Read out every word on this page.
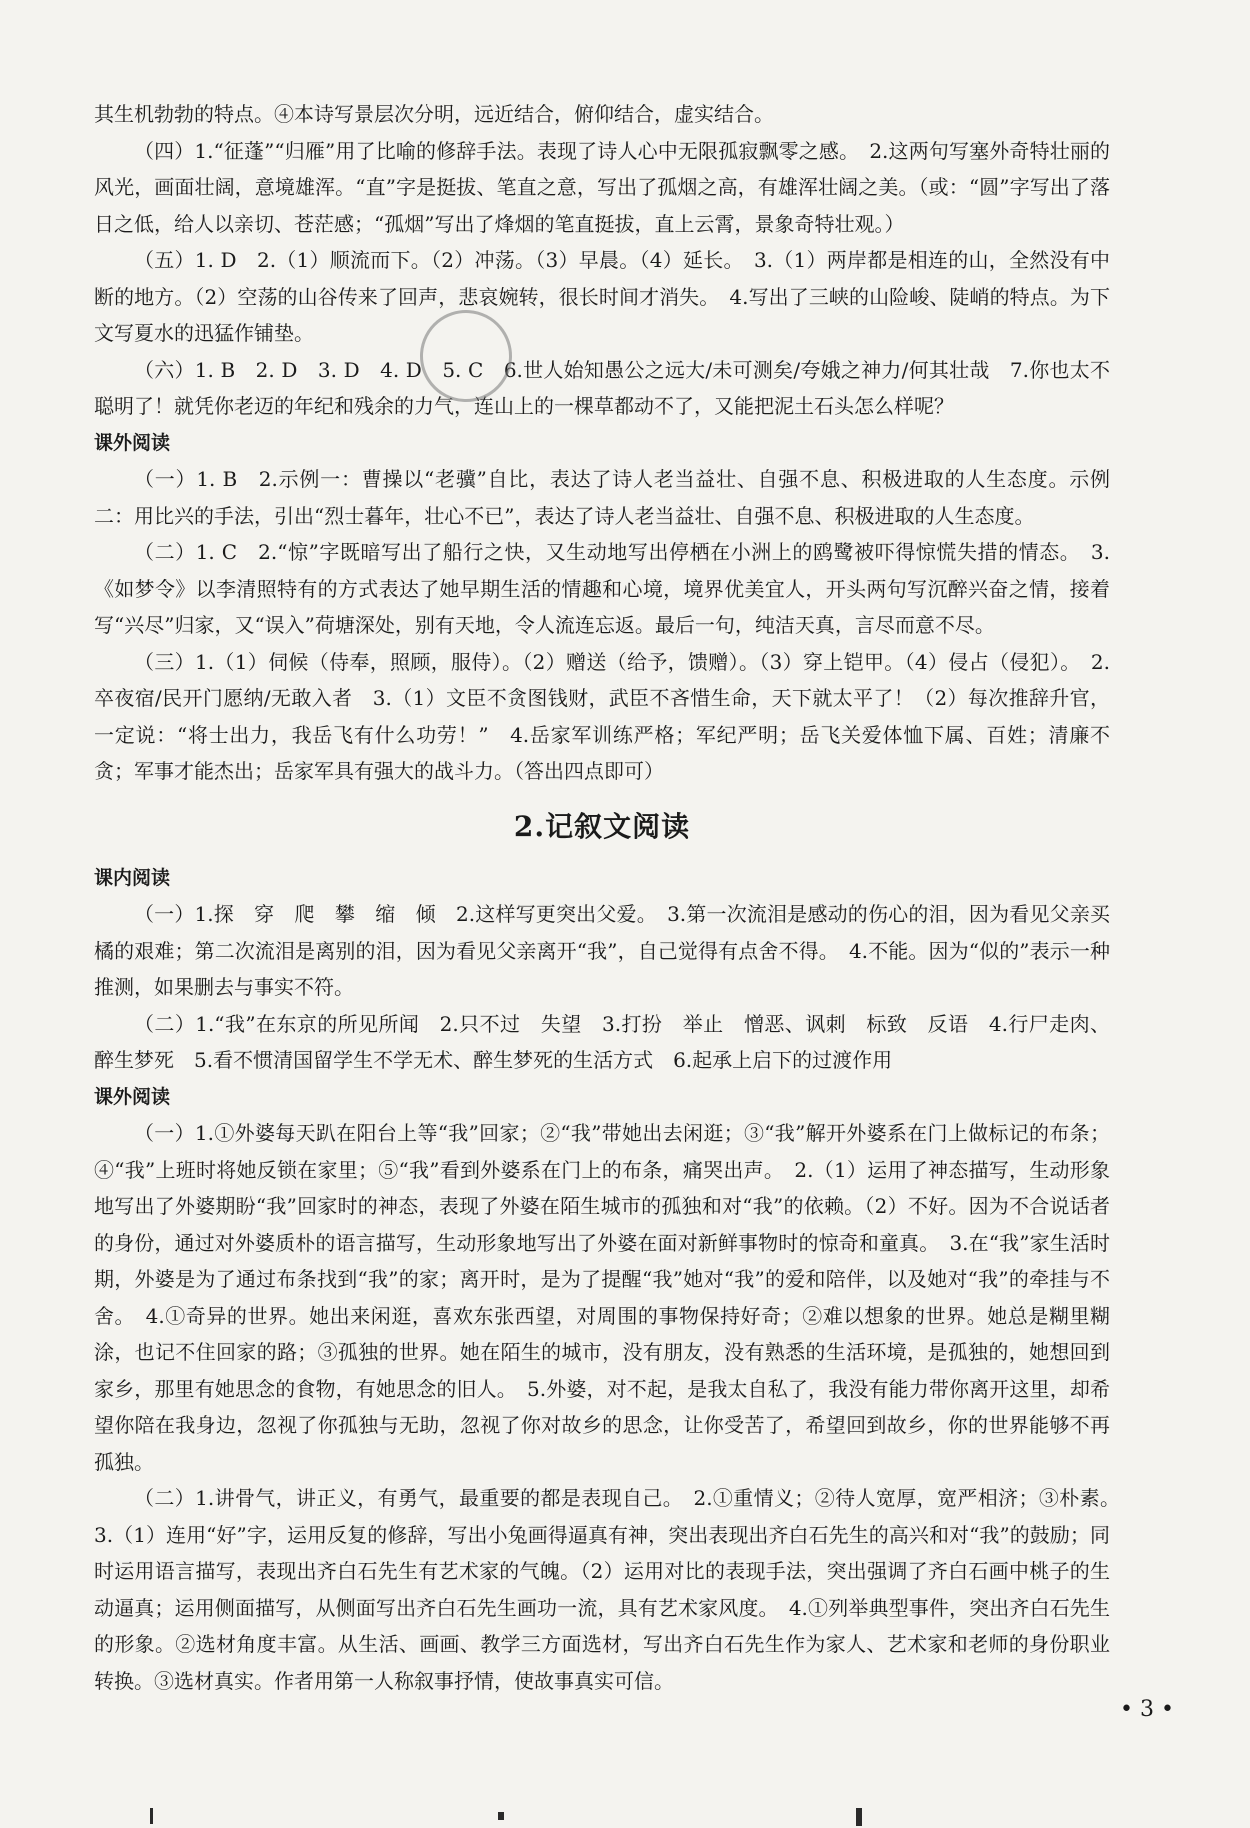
其生机勃勃的特点。④本诗写景层次分明，远近结合，俯仰结合，虚实结合。

（四）1.“征蓬”“归雁”用了比喻的修辞手法。表现了诗人心中无限孤寂飘零之感。　2.这两句写塞外奇特壮丽的风光，画面壮阔，意境雄浑。“直”字是挺拔、笔直之意，写出了孤烟之高，有雄浑壮阔之美。（或：“圆”字写出了落日之低，给人以亲切、苍茫感；“孤烟”写出了烽烟的笔直挺拔，直上云霄，景象奇特壮观。）

（五）1. D　2.（1）顺流而下。（2）冲荡。（3）早晨。（4）延长。　3.（1）两岸都是相连的山，全然没有中断的地方。（2）空荡的山谷传来了回声，悲哀婉转，很长时间才消失。　4.写出了三峡的山险峻、陡峭的特点。为下文写夏水的迅猛作铺垫。

（六）1. B　2. D　3. D　4. D　5. C　6.世人始知愚公之远大/未可测矣/夸娥之神力/何其壮哉　7.你也太不聪明了！就凭你老迈的年纪和残余的力气，连山上的一棵草都动不了，又能把泥土石头怎么样呢？

课外阅读

（一）1. B　2.示例一：曹操以“老骥”自比，表达了诗人老当益壮、自强不息、积极进取的人生态度。示例二：用比兴的手法，引出“烈士暮年，壮心不已”，表达了诗人老当益壮、自强不息、积极进取的人生态度。

（二）1. C　2.“惊”字既暗写出了船行之快，又生动地写出停栖在小洲上的鸥鹭被吓得惊慌失措的情态。　3.《如梦令》以李清照特有的方式表达了她早期生活的情趣和心境，境界优美宜人，开头两句写沉醉兴奋之情，接着写“兴尽”归家，又“误入”荷塘深处，别有天地，令人流连忘返。最后一句，纯洁天真，言尽而意不尽。

（三）1.（1）伺候（侍奉，照顾，服侍）。（2）赠送（给予，馈赠）。（3）穿上铠甲。（4）侵占（侵犯）。　2.卒夜宿/民开门愿纳/无敢入者　3.（1）文臣不贪图钱财，武臣不吝惜生命，天下就太平了！（2）每次推辞升官，一定说：“将士出力，我岳飞有什么功劳！”　4.岳家军训练严格；军纪严明；岳飞关爱体恤下属、百姓；清廉不贪；军事才能杰出；岳家军具有强大的战斗力。（答出四点即可）

2.记叙文阅读

课内阅读

（一）1.探　穿　爬　攀　缩　倾　2.这样写更突出父爱。　3.第一次流泪是感动的伤心的泪，因为看见父亲买橘的艰难；第二次流泪是离别的泪，因为看见父亲离开“我”，自己觉得有点舍不得。　4.不能。因为“似的”表示一种推测，如果删去与事实不符。

（二）1.“我”在东京的所见所闻　2.只不过　失望　3.打扮　举止　憎恶、讽刺　标致　反语　4.行尸走肉、醉生梦死　5.看不惯清国留学生不学无术、醉生梦死的生活方式　6.起承上启下的过渡作用

课外阅读

（一）1.①外婆每天趴在阳台上等“我”回家；②“我”带她出去闲逛；③“我”解开外婆系在门上做标记的布条；④“我”上班时将她反锁在家里；⑤“我”看到外婆系在门上的布条，痛哭出声。　2.（1）运用了神态描写，生动形象地写出了外婆期盼“我”回家时的神态，表现了外婆在陌生城市的孤独和对“我”的依赖。（2）不好。因为不合说话者的身份，通过对外婆质朴的语言描写，生动形象地写出了外婆在面对新鲜事物时的惊奇和童真。　3.在“我”家生活时期，外婆是为了通过布条找到“我”的家；离开时，是为了提醒“我”她对“我”的爱和陪伴，以及她对“我”的牵挂与不舍。　4.①奇异的世界。她出来闲逛，喜欢东张西望，对周围的事物保持好奇；②难以想象的世界。她总是糊里糊涂，也记不住回家的路；③孤独的世界。她在陌生的城市，没有朋友，没有熟悉的生活环境，是孤独的，她想回到家乡，那里有她思念的食物，有她思念的旧人。　5.外婆，对不起，是我太自私了，我没有能力带你离开这里，却希望你陪在我身边，忽视了你孤独与无助，忽视了你对故乡的思念，让你受苦了，希望回到故乡，你的世界能够不再孤独。

（二）1.讲骨气，讲正义，有勇气，最重要的都是表现自己。　2.①重情义；②待人宽厚，宽严相济；③朴素。　3.（1）连用“好”字，运用反复的修辞，写出小兔画得逼真有神，突出表现出齐白石先生的高兴和对“我”的鼓励；同时运用语言描写，表现出齐白石先生有艺术家的气魄。（2）运用对比的表现手法，突出强调了齐白石画中桃子的生动逼真；运用侧面描写，从侧面写出齐白石先生画功一流，具有艺术家风度。　4.①列举典型事件，突出齐白石先生的形象。②选材角度丰富。从生活、画画、教学三方面选材，写出齐白石先生作为家人、艺术家和老师的身份职业转换。③选材真实。作者用第一人称叙事抒情，使故事真实可信。

• 3 •
